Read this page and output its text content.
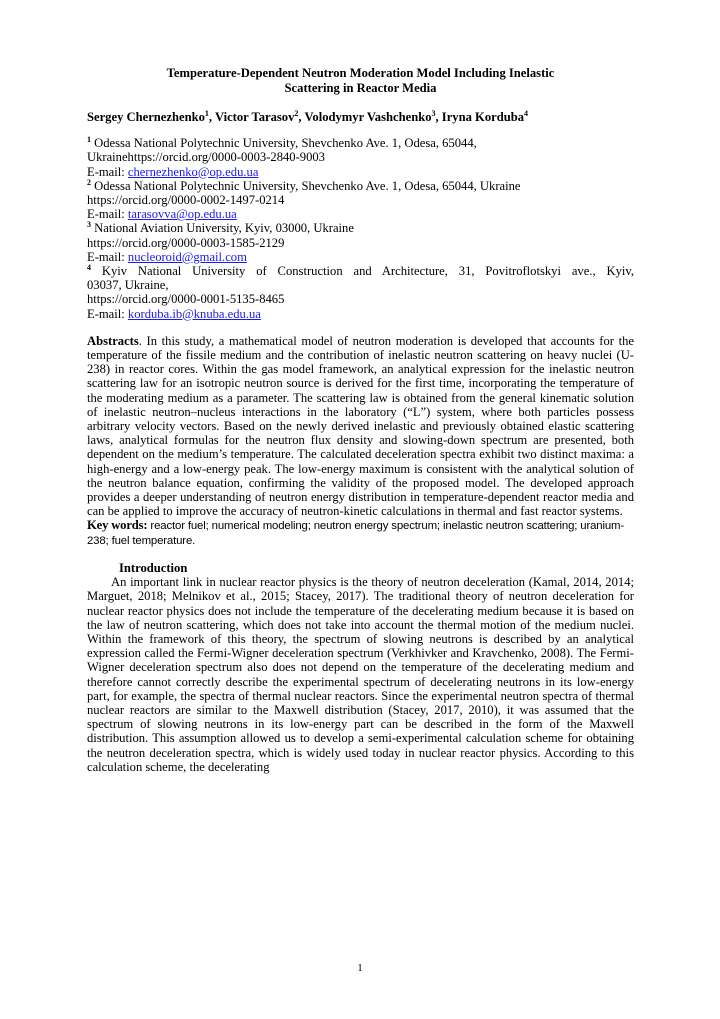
Temperature-Dependent Neutron Moderation Model Including Inelastic
Scattering in Reactor Media
Sergey Chernezhenko$^1$, Victor Tarasov$^2$, Volodymyr Vashchenko$^3$, Iryna Korduba$^4$
$^1$ Odessa National Polytechnic University, Shevchenko Ave. 1, Odesa, 65044,
Ukrainehttps://orcid.org/0000-0003-2840-9003
E-mail: chernezhenko@op.edu.ua
$^2$ Odessa National Polytechnic University, Shevchenko Ave. 1, Odesa, 65044, Ukraine
https://orcid.org/0000-0002-1497-0214
E-mail: tarasovva@op.edu.ua
$^3$ National Aviation University, Kyiv, 03000, Ukraine
https://orcid.org/0000-0003-1585-2129
E-mail: nucleoroid@gmail.com
$^4$ Kyiv National University of Construction and Architecture, 31, Povitroflotskyi ave., Kyiv,
03037, Ukraine,
https://orcid.org/0000-0001-5135-8465
E-mail: korduba.ib@knuba.edu.ua

Abstracts. In this study, a mathematical model of neutron moderation is developed that accounts for the temperature of the fissile medium and the contribution of inelastic neutron scattering on heavy nuclei (U-238) in reactor cores. Within the gas model framework, an analytical expression for the inelastic neutron scattering law for an isotropic neutron source is derived for the first time, incorporating the temperature of the moderating medium as a parameter. The scattering law is obtained from the general kinematic solution of inelastic neutron–nucleus interactions in the laboratory (“L”) system, where both particles possess arbitrary velocity vectors. Based on the newly derived inelastic and previously obtained elastic scattering laws, analytical formulas for the neutron flux density and slowing-down spectrum are presented, both dependent on the medium’s temperature. The calculated deceleration spectra exhibit two distinct maxima: a high-energy and a low-energy peak. The low-energy maximum is consistent with the analytical solution of the neutron balance equation, confirming the validity of the proposed model. The developed approach provides a deeper understanding of neutron energy distribution in temperature-dependent reactor media and can be applied to improve the accuracy of neutron-kinetic calculations in thermal and fast reactor systems.

Key words: reactor fuel; numerical modeling; neutron energy spectrum; inelastic neutron scattering; uranium-238; fuel temperature.

Introduction

An important link in nuclear reactor physics is the theory of neutron deceleration (Kamal, 2014, 2014; Marguet, 2018; Melnikov et al., 2015; Stacey, 2017). The traditional theory of neutron deceleration for nuclear reactor physics does not include the temperature of the decelerating medium because it is based on the law of neutron scattering, which does not take into account the thermal motion of the medium nuclei. Within the framework of this theory, the spectrum of slowing neutrons is described by an analytical expression called the Fermi-Wigner deceleration spectrum (Verkhivker and Kravchenko, 2008). The Fermi-Wigner deceleration spectrum also does not depend on the temperature of the decelerating medium and therefore cannot correctly describe the experimental spectrum of decelerating neutrons in its low-energy part, for example, the spectra of thermal nuclear reactors. Since the experimental neutron spectra of thermal nuclear reactors are similar to the Maxwell distribution (Stacey, 2017, 2010), it was assumed that the spectrum of slowing neutrons in its low-energy part can be described in the form of the Maxwell distribution. This assumption allowed us to develop a semi-experimental calculation scheme for obtaining the neutron deceleration spectra, which is widely used today in nuclear reactor physics. According to this calculation scheme, the decelerating

1
